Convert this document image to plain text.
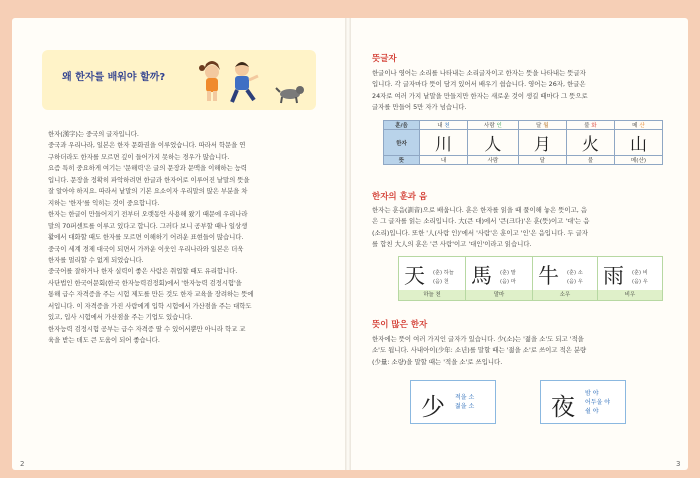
왜 한자를 배워야 할까?

한자(漢字)는 중국의 글자입니다.

중국과 우리나라, 일본은 한자 문화권을 이루었습니다. 따라서 학문을 연

구하더라도 한자를 모르면 깊이 들어가지 못하는 경우가 많습니다.

요즘 특히 중요하게 여기는 '문해력'은 글의 문장과 문맥을 이해하는 능력

입니다. 문장을 정확히 파악하려면 한글과 한자어로 이루어진 낱말의 뜻을

잘 알아야 하지요. 따라서 낱말의 기본 요소이자 우리말의 많은 부분을 차

지하는 '한자'를 익히는 것이 중요합니다.

한자는 한글이 만들어지기 전부터 오랫동안 사용해 왔기 때문에 우리나라

말의 70퍼센트를 이루고 있다고 합니다. 그러다 보니 공부할 때나 일상생

활에서 대화할 때도 한자를 모르면 이해하기 어려운 표현들이 많습니다.

중국이 세계 경제 대국이 되면서 가까운 이웃인 우리나라와 일본은 더욱

한자를 멀리할 수 없게 되었습니다.

중국어를 잘하거나 한자 실력이 좋은 사람은 취업할 때도 유리합니다.

사단법인 한국어문회(한국 한자능력검정회)에서 '한자능력 검정시험'을

통해 급수 자격증을 주는 시험 제도를 만든 것도 한자 교육을 장려하는 뜻에

서입니다. 이 자격증을 가진 사람에게 입학 시험에서 가산점을 주는 대학도

있고, 입사 시험에서 가산점을 주는 기업도 있습니다.

한자능력 검정시험 공부는 급수 자격증 딸 수 있어서뿐만 아니라 학교 교

육을 받는 데도 큰 도움이 되어 좋습니다.

2
뜻글자

한글이나 영어는 소리를 나타내는 소리글자이고 한자는 뜻을 나타내는 뜻글자

입니다. 각 글자마다 뜻이 담겨 있어서 배우기 쉽습니다. 영어는 26자, 한글은

24자로 여러 가지 낱말을 만들지만 한자는 새로운 것이 생길 때마다 그 뜻으로

글자를 만들어 5만 자가 넘습니다.

훈/음	내 천	사람 인	달 월	불 화	메 산
한자	川	人	月	火	山
뜻	내	사람	달	불	메(산)
한자의 훈과 음

한자는 훈음(訓音)으로 배웁니다. 훈은 한자를 읽을 때 풀이해 놓은 뜻이고, 음

은 그 글자를 읽는 소리입니다. 大(큰 대)에서 '큰(크다)'은 훈(뜻)이고 '대'는 음

(소리)입니다. 또한 '人(사람 인)'에서 '사람'은 훈이고 '인'은 음입니다. 두 글자

를 합친 大人의 훈은 '큰 사람'이고 '대인'이라고 읽습니다.

天 (훈) 하늘
(음) 천
하늘 천
馬 (훈) 말
(음) 마
말마
牛 (훈) 소
(음) 우
소우
雨 (훈) 비
(음) 우
비우
뜻이 많은 한자

한자에는 뜻이 여러 가지인 글자가 있습니다. 少(소)는 '젊을 소'도 되고 '적을

소'도 됩니다. 사내아이(少年: 소년)를 말할 때는 '젊을 소'로 쓰이고 적은 분량

(少量: 소량)을 말할 때는 '적을 소'로 쓰입니다.

少 적을 소
젊을 소	夜 밤 야
어두울 야
쉴 야
3
